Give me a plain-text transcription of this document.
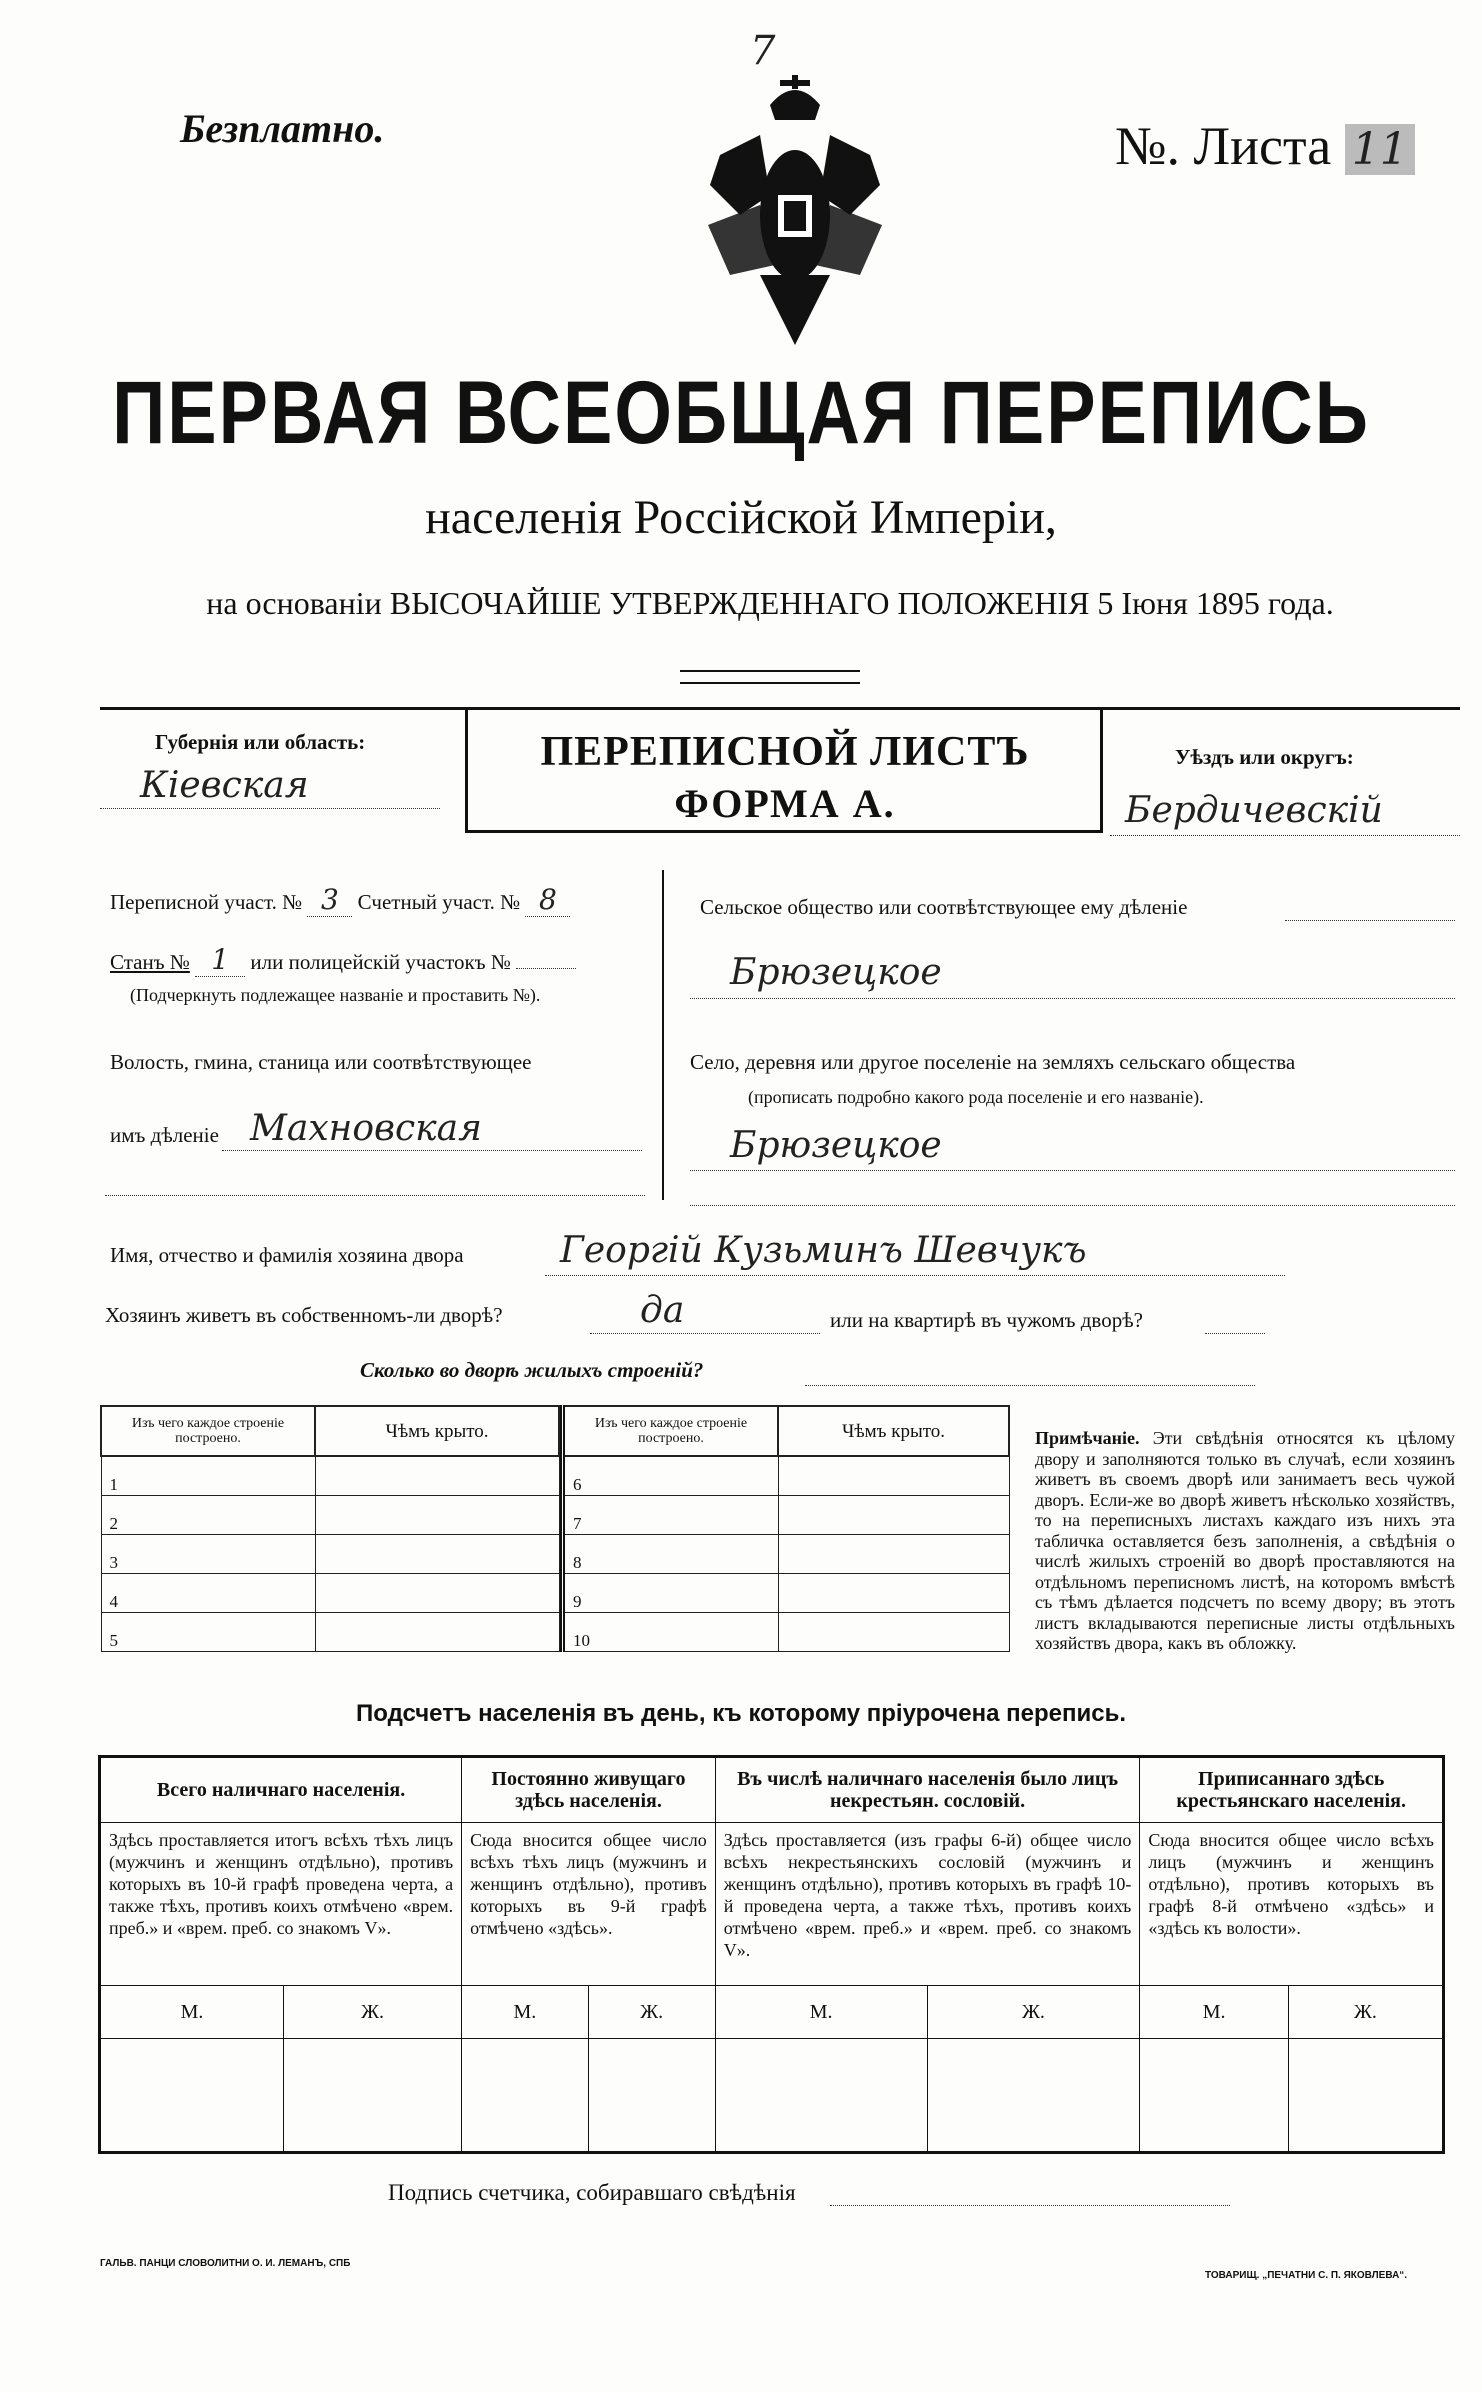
7
Безплатно.	№. Листа 11
ПЕРВАЯ ВСЕОБЩАЯ ПЕРЕПИСЬ
населенія Россійской Имперіи,
на основаніи ВЫСОЧАЙШЕ УТВЕРЖДЕННАГО ПОЛОЖЕНІЯ 5 Іюня 1895 года.
Губернія или область:
Кіевская
ПЕРЕПИСНОЙ ЛИСТЪ
ФОРМА А.
Уѣздъ или округъ:
Бердичевскій
Переписной участ. № 3 Счетный участ. № 8
Станъ № 1 или полицейскій участокъ №
(Подчеркнуть подлежащее названіе и проставить №).
Волость, гмина, станица или соотвѣтствующее
имъ дѣленіе Махновская
Сельское общество или соотвѣтствующее ему дѣленіе
Брюзецкое
Село, деревня или другое поселеніе на земляхъ сельскаго общества
(прописать подробно какого рода поселеніе и его названіе).
Брюзецкое
Имя, отчество и фамилія хозяина двора	Георгій Кузьминъ Шевчукъ
Хозяинъ живетъ въ собственномъ-ли дворѣ?	да	или на квартирѣ въ чужомъ дворѣ?
Сколько во дворѣ жилыхъ строеній?
Изъ чего каждое строеніе построено.	Чѣмъ крыто.
1	
2	
3	
4	
5	
Изъ чего каждое строеніе построено.	Чѣмъ крыто.
6	
7	
8	
9	
10	
Примѣчаніе. Эти свѣдѣнія относятся къ цѣлому двору и заполняются только въ случаѣ, если хозяинъ живетъ въ своемъ дворѣ или занимаетъ весь чужой дворъ. Если-же во дворѣ живетъ нѣсколько хозяйствъ, то на переписныхъ листахъ каждаго изъ нихъ эта табличка оставляется безъ заполненія, а свѣдѣнія о числѣ жилыхъ строеній во дворѣ проставляются на отдѣльномъ переписномъ листѣ, на которомъ вмѣстѣ съ тѣмъ дѣлается подсчетъ по всему двору; въ этотъ листъ вкладываются переписные листы отдѣльныхъ хозяйствъ двора, какъ въ обложку.
Подсчетъ населенія въ день, къ которому пріурочена перепись.
Всего наличнаго населенія.		Постоянно живущаго здѣсь населенія.		Въ числѣ наличнаго населенія было лицъ некрестьян. сословій.		Приписаннаго здѣсь крестьянскаго населенія.	
Здѣсь проставляется итогъ всѣхъ тѣхъ лицъ (мужчинъ и женщинъ отдѣльно), противъ которыхъ въ 10-й графѣ проведена черта, а также тѣхъ, противъ коихъ отмѣчено «врем. преб.» и «врем. преб. со знакомъ V».		Сюда вносится общее число всѣхъ тѣхъ лицъ (мужчинъ и женщинъ отдѣльно), противъ которыхъ въ 9-й графѣ отмѣчено «здѣсь».		Здѣсь проставляется (изъ графы 6-й) общее число всѣхъ некрестьянскихъ сословій (мужчинъ и женщинъ отдѣльно), противъ которыхъ въ графѣ 10-й проведена черта, а также тѣхъ, противъ коихъ отмѣчено «врем. преб.» и «врем. преб. со знакомъ V».		Сюда вносится общее число всѣхъ лицъ (мужчинъ и женщинъ отдѣльно), противъ которыхъ въ графѣ 8-й отмѣчено «здѣсь» и «здѣсь къ волости».	
М.	Ж.	М.	Ж.	М.	Ж.	М.	Ж.

Подпись счетчика, собиравшаго свѣдѣнія
ГАЛЬВ. ПАНЦИ СЛОВОЛИТНИ О. И. ЛЕМАНЪ, СПБ
ТОВАРИЩ. „ПЕЧАТНИ С. П. ЯКОВЛЕВА“.
